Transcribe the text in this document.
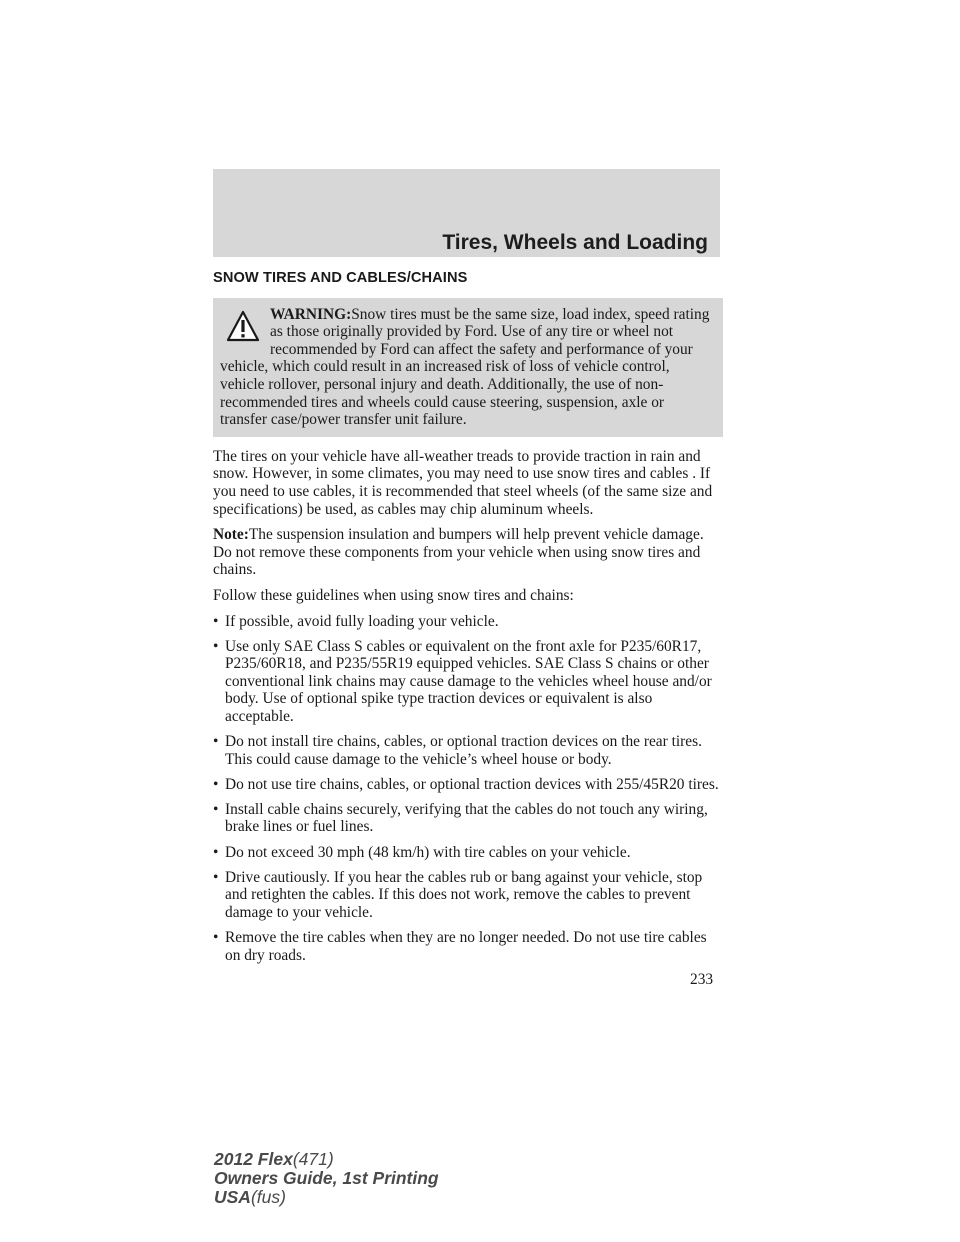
Tires, Wheels and Loading
SNOW TIRES AND CABLES/CHAINS
WARNING:Snow tires must be the same size, load index, speed rating as those originally provided by Ford. Use of any tire or wheel not recommended by Ford can affect the safety and performance of your vehicle, which could result in an increased risk of loss of vehicle control, vehicle rollover, personal injury and death. Additionally, the use of non-recommended tires and wheels could cause steering, suspension, axle or transfer case/power transfer unit failure.

The tires on your vehicle have all-weather treads to provide traction in rain and snow. However, in some climates, you may need to use snow tires and cables . If you need to use cables, it is recommended that steel wheels (of the same size and specifications) be used, as cables may chip aluminum wheels.

Note:The suspension insulation and bumpers will help prevent vehicle damage. Do not remove these components from your vehicle when using snow tires and chains.

Follow these guidelines when using snow tires and chains:

• If possible, avoid fully loading your vehicle.
• Use only SAE Class S cables or equivalent on the front axle for P235/60R17, P235/60R18, and P235/55R19 equipped vehicles. SAE Class S chains or other conventional link chains may cause damage to the vehicles wheel house and/or body. Use of optional spike type traction devices or equivalent is also acceptable.
• Do not install tire chains, cables, or optional traction devices on the rear tires. This could cause damage to the vehicle’s wheel house or body.
• Do not use tire chains, cables, or optional traction devices with 255/45R20 tires.
• Install cable chains securely, verifying that the cables do not touch any wiring, brake lines or fuel lines.
• Do not exceed 30 mph (48 km/h) with tire cables on your vehicle.
• Drive cautiously. If you hear the cables rub or bang against your vehicle, stop and retighten the cables. If this does not work, remove the cables to prevent damage to your vehicle.
• Remove the tire cables when they are no longer needed. Do not use tire cables on dry roads.
233
2012 Flex(471)
Owners Guide, 1st Printing
USA(fus)
